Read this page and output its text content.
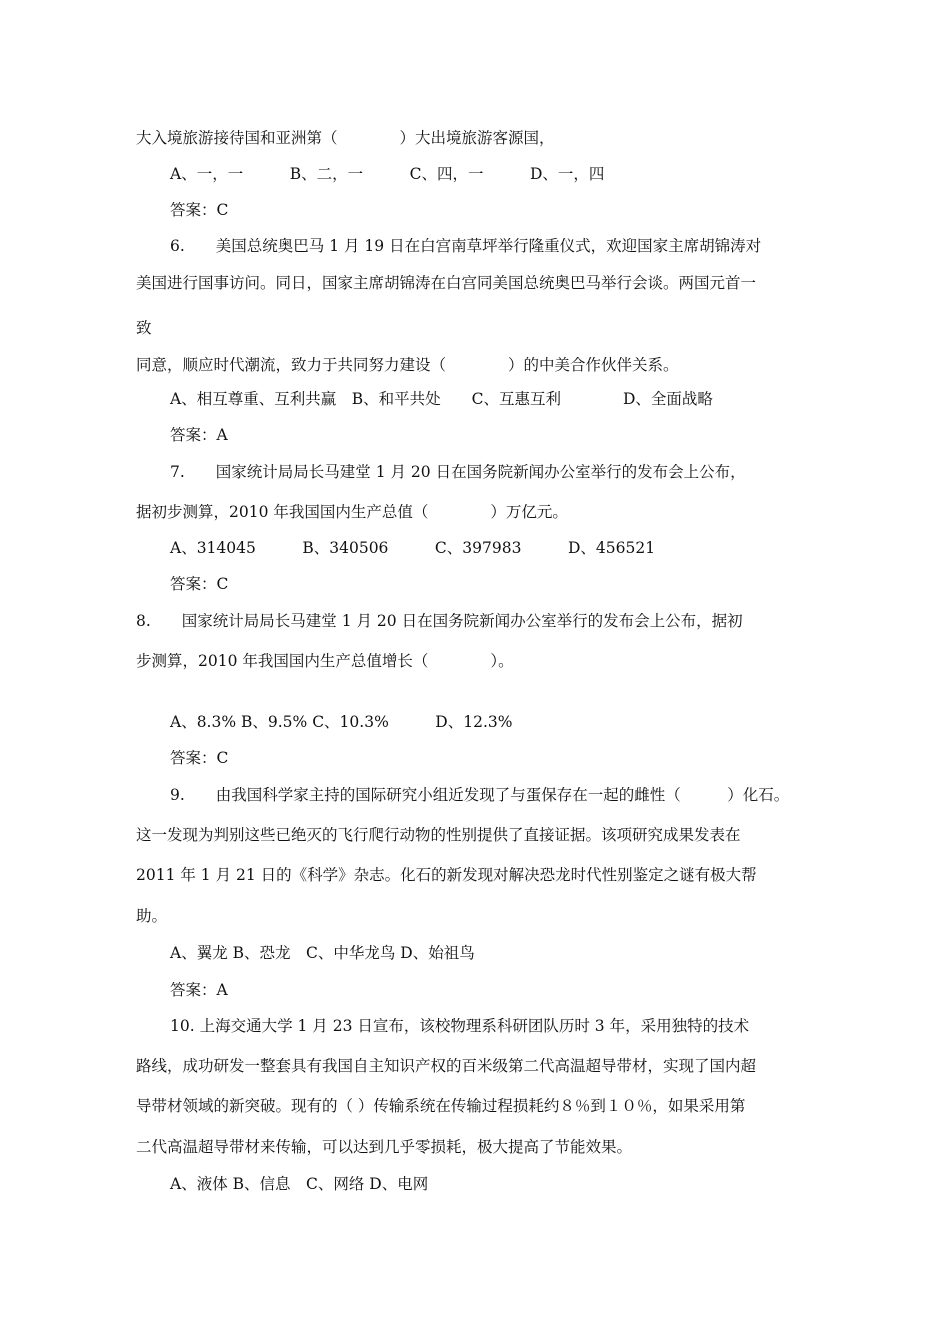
大入境旅游接待国和亚洲第（　　　　）大出境旅游客源国，

A、一，一　　　B、二，一　　　C、四，一　　　D、一，四

答案：C

6.　　美国总统奥巴马 1 月 19 日在白宫南草坪举行隆重仪式，欢迎国家主席胡锦涛对

美国进行国事访问。同日，国家主席胡锦涛在白宫同美国总统奥巴马举行会谈。两国元首一

致

同意，顺应时代潮流，致力于共同努力建设（　　　　）的中美合作伙伴关系。

A、相互尊重、互利共赢　B、和平共处　　C、互惠互利　　　　D、全面战略

答案：A

7.　　国家统计局局长马建堂 1 月 20 日在国务院新闻办公室举行的发布会上公布，

据初步测算，2010 年我国国内生产总值（　　　　）万亿元。

A、314045　　　B、340506　　　C、397983　　　D、456521

答案：C

8.　　国家统计局局长马建堂 1 月 20 日在国务院新闻办公室举行的发布会上公布，据初

步测算，2010 年我国国内生产总值增长（　　　　）。

A、8.3% B、9.5% C、10.3%　　　D、12.3%

答案：C

9.　　由我国科学家主持的国际研究小组近发现了与蛋保存在一起的雌性（　　　）化石。

这一发现为判别这些已绝灭的飞行爬行动物的性别提供了直接证据。该项研究成果发表在

2011 年 1 月 21 日的《科学》杂志。化石的新发现对解决恐龙时代性别鉴定之谜有极大帮

助。

A、翼龙 B、恐龙　C、中华龙鸟 D、始祖鸟

答案：A

10. 上海交通大学 1 月 23 日宣布，该校物理系科研团队历时 3 年，采用独特的技术

路线，成功研发一整套具有我国自主知识产权的百米级第二代高温超导带材，实现了国内超

导带材领域的新突破。现有的（ ）传输系统在传输过程损耗约８％到１０％，如果采用第

二代高温超导带材来传输，可以达到几乎零损耗，极大提高了节能效果。

A、液体 B、信息　C、网络 D、电网
